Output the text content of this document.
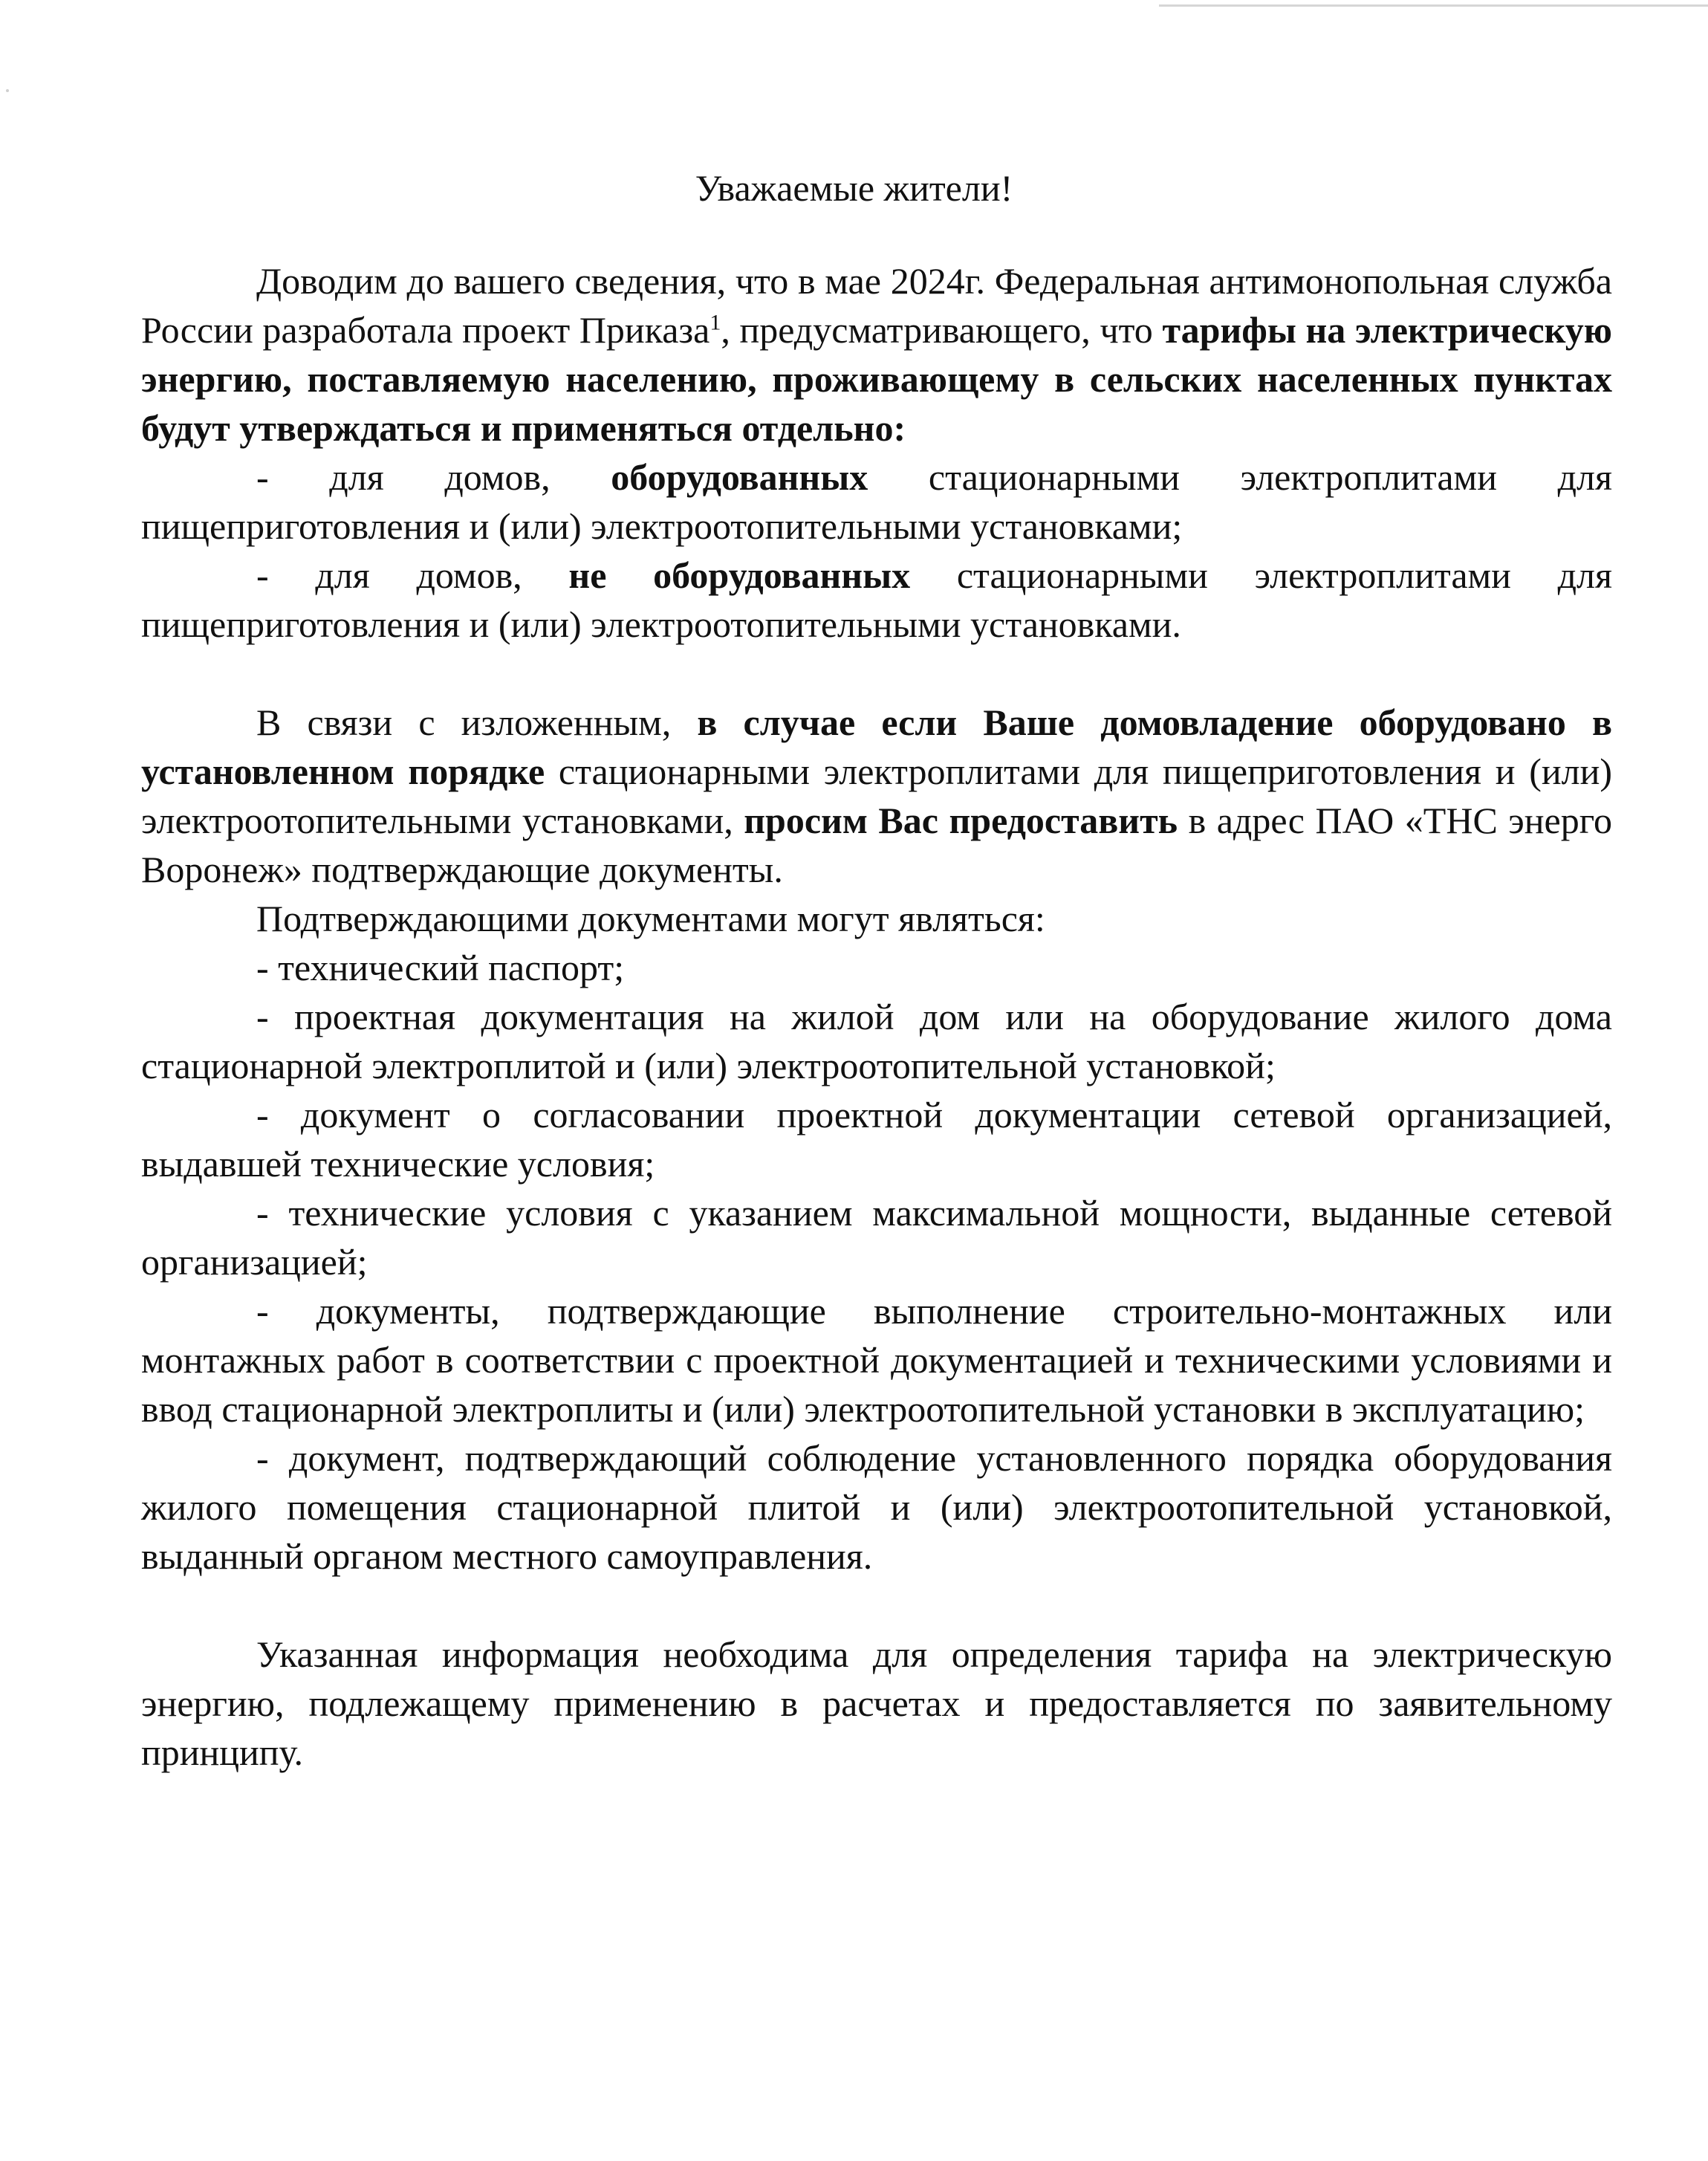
Уважаемые жители!

Доводим до вашего сведения, что в мае 2024г. Федеральная антимонопольная служба России разработала проект Приказа$^1$, предусматривающего, что тарифы на электрическую энергию, поставляемую населению, проживающему в сельских населенных пунктах будут утверждаться и применяться отдельно:

- для домов, оборудованных стационарными электроплитами для пищеприготовления и (или) электроотопительными установками;

- для домов, не оборудованных стационарными электроплитами для пищеприготовления и (или) электроотопительными установками.

В связи с изложенным, в случае если Ваше домовладение оборудовано в установленном порядке стационарными электроплитами для пищеприготовления и (или) электроотопительными установками, просим Вас предоставить в адрес ПАО «ТНС энерго Воронеж» подтверждающие документы.

Подтверждающими документами могут являться:

- технический паспорт;

- проектная документация на жилой дом или на оборудование жилого дома стационарной электроплитой и (или) электроотопительной установкой;

- документ о согласовании проектной документации сетевой организацией, выдавшей технические условия;

- технические условия с указанием максимальной мощности, выданные сетевой организацией;

- документы, подтверждающие выполнение строительно-монтажных или монтажных работ в соответствии с проектной документацией и техническими условиями и ввод стационарной электроплиты и (или) электроотопительной установки в эксплуатацию;

- документ, подтверждающий соблюдение установленного порядка оборудования жилого помещения стационарной плитой и (или) электроотопительной установкой, выданный органом местного самоуправления.

Указанная информация необходима для определения тарифа на электрическую энергию, подлежащему применению в расчетах и предоставляется по заявительному принципу.
